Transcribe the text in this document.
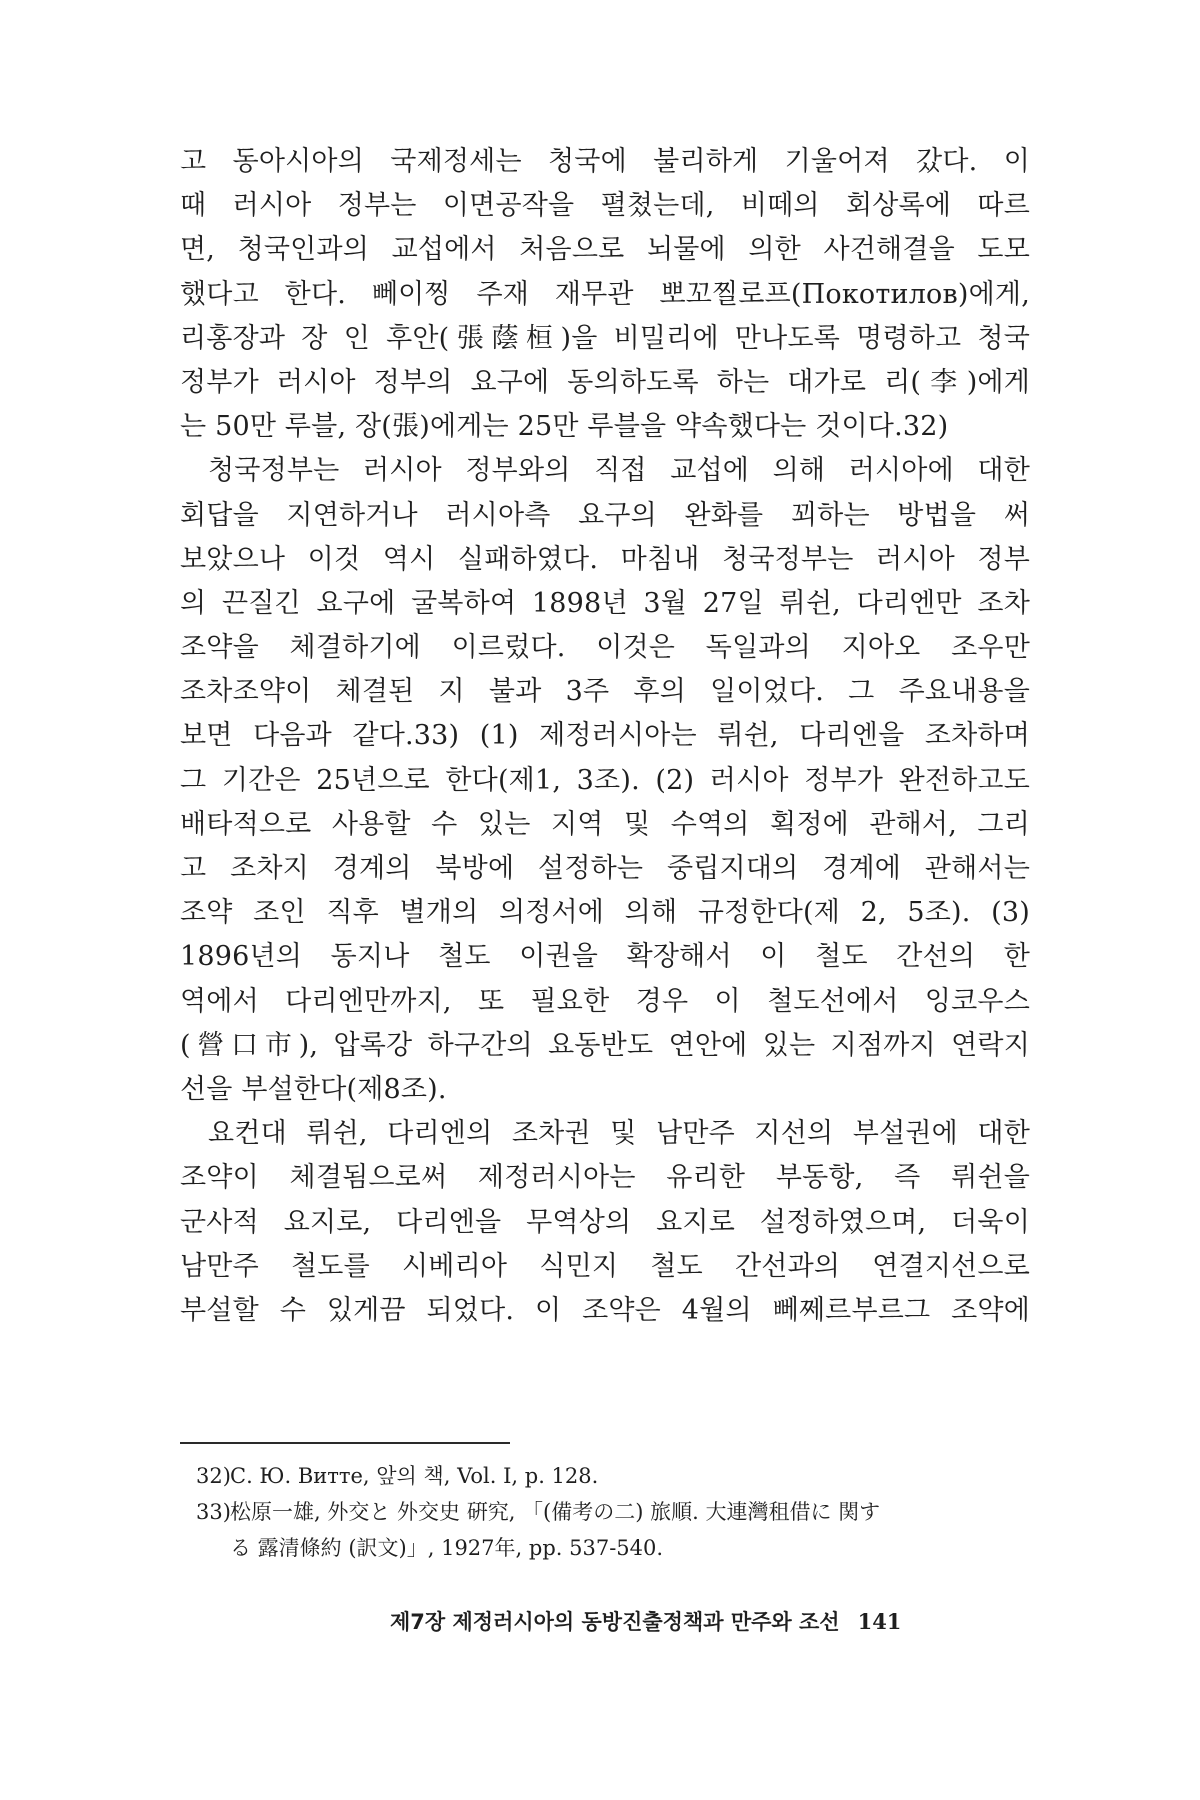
고 동아시아의 국제정세는 청국에 불리하게 기울어져 갔다. 이
때 러시아 정부는 이면공작을 펼쳤는데, 비떼의 회상록에 따르
면, 청국인과의 교섭에서 처음으로 뇌물에 의한 사건해결을 도모
했다고 한다. 뻬이찡 주재 재무관 뽀꼬찔로프(Покотилов)에게,
리홍장과 장 인 후안(張蔭桓)을 비밀리에 만나도록 명령하고 청국
정부가 러시아 정부의 요구에 동의하도록 하는 대가로 리(李)에게
는 50만 루블, 장(張)에게는 25만 루블을 약속했다는 것이다.32)
청국정부는 러시아 정부와의 직접 교섭에 의해 러시아에 대한
회답을 지연하거나 러시아측 요구의 완화를 꾀하는 방법을 써
보았으나 이것 역시 실패하였다. 마침내 청국정부는 러시아 정부
의 끈질긴 요구에 굴복하여 1898년 3월 27일 뤼쉰, 다리엔만 조차
조약을 체결하기에 이르렀다. 이것은 독일과의 지아오 조우만
조차조약이 체결된 지 불과 3주 후의 일이었다. 그 주요내용을
보면 다음과 같다.33) (1) 제정러시아는 뤼쉰, 다리엔을 조차하며
그 기간은 25년으로 한다(제1, 3조). (2) 러시아 정부가 완전하고도
배타적으로 사용할 수 있는 지역 및 수역의 획정에 관해서, 그리
고 조차지 경계의 북방에 설정하는 중립지대의 경계에 관해서는
조약 조인 직후 별개의 의정서에 의해 규정한다(제 2, 5조). (3)
1896년의 동지나 철도 이권을 확장해서 이 철도 간선의 한
역에서 다리엔만까지, 또 필요한 경우 이 철도선에서 잉코우스
(營口市), 압록강 하구간의 요동반도 연안에 있는 지점까지 연락지
선을 부설한다(제8조).
요컨대 뤼쉰, 다리엔의 조차권 및 남만주 지선의 부설권에 대한
조약이 체결됨으로써 제정러시아는 유리한 부동항, 즉 뤼쉰을
군사적 요지로, 다리엔을 무역상의 요지로 설정하였으며, 더욱이
남만주 철도를 시베리아 식민지 철도 간선과의 연결지선으로
부설할 수 있게끔 되었다. 이 조약은 4월의 뻬쩨르부르그 조약에
32)С. Ю. Витте, 앞의 책, Vol. I, p. 128.
33)松原一雄, 外交と 外交史 硏究, 「(備考の二) 旅順. 大連灣租借に 関す
る 露清條約 (訳文)」, 1927年, pp. 537-540.
제7장 제정러시아의 동방진출정책과 만주와 조선 141
